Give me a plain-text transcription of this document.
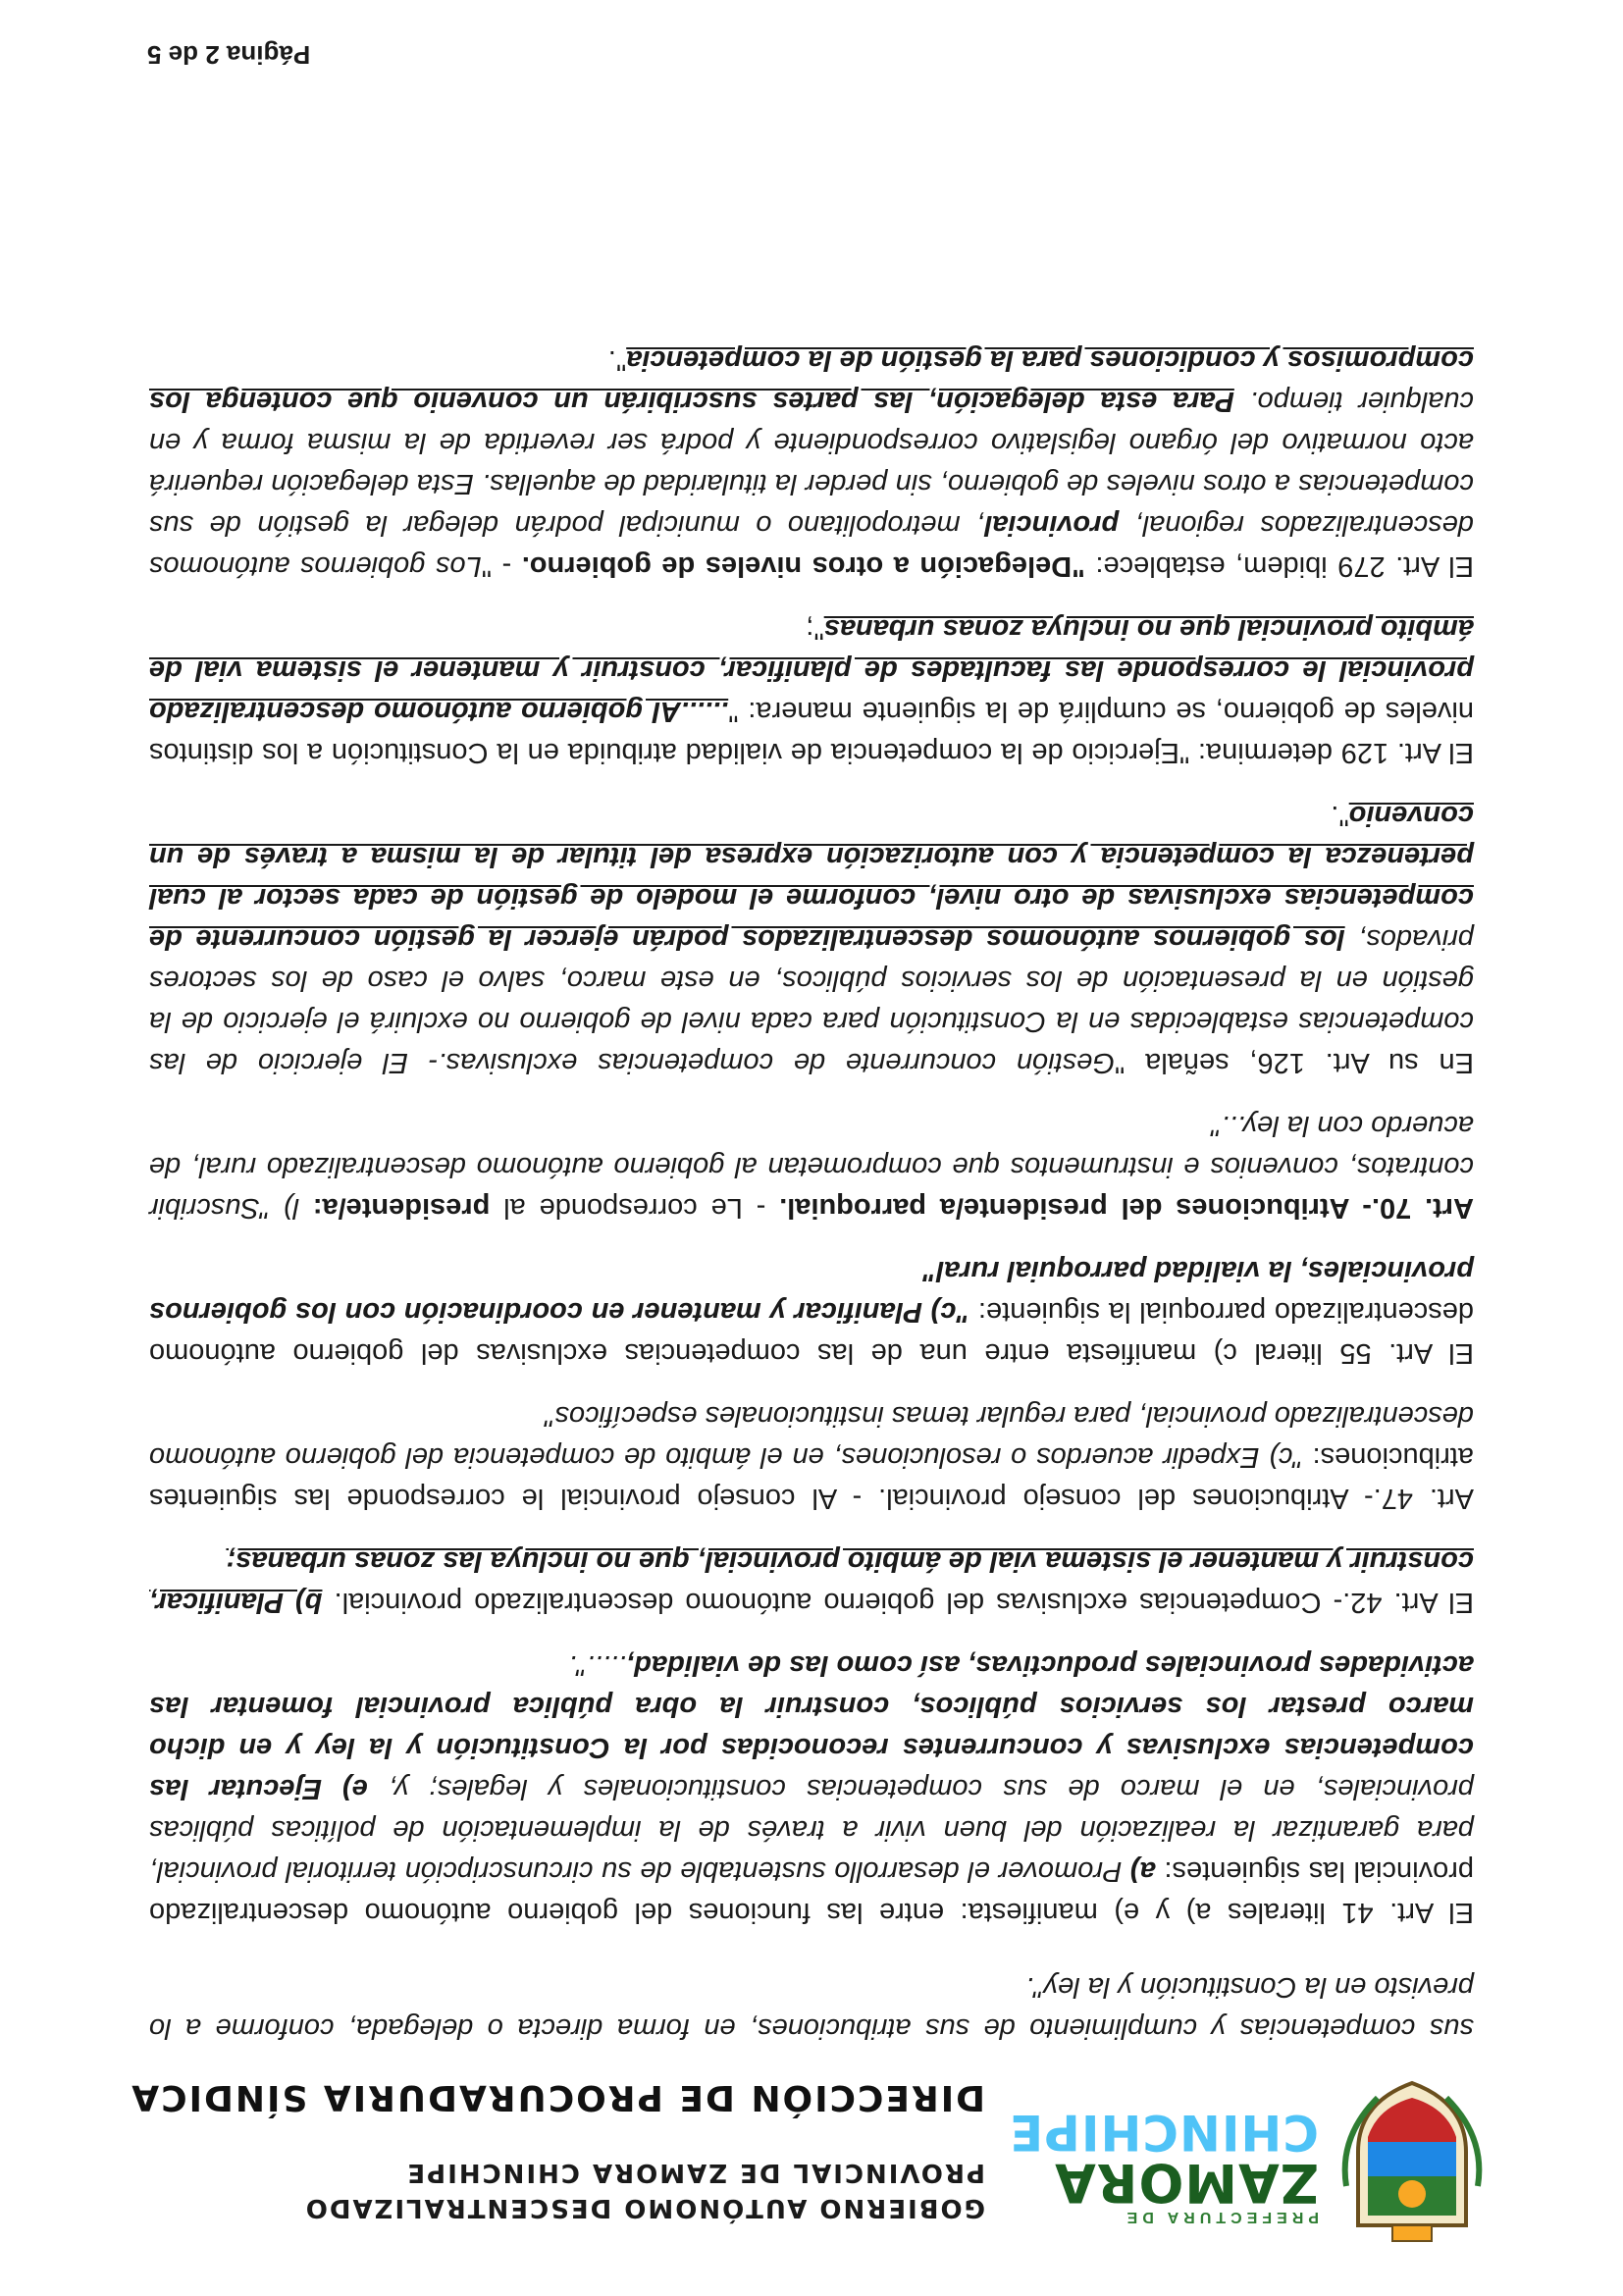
PREFECTURA DE
ZAMORA
CHINCHIPE
GOBIERNO AUTÓNOMO DESCENTRALIZADO
PROVINCIAL DE ZAMORA CHINCHIPE
DIRECCIÓN DE PROCURADURIA SÍNDICA

sus competencias y cumplimiento de sus atribuciones, en forma directa o delegada, conforme a lo previsto en la Constitución y la ley".

El Art. 41 literales a) y e) manifiesta: entre las funciones del gobierno autónomo descentralizado provincial las siguientes: a) Promover el desarrollo sustentable de su circunscripción territorial provincial, para garantizar la realización del buen vivir a través de la implementación de políticas públicas provinciales, en el marco de sus competencias constitucionales y legales; y, e) Ejecutar las competencias exclusivas y concurrentes reconocidas por la Constitución y la ley y en dicho marco prestar los servicios públicos, construir la obra pública provincial fomentar las actividades provinciales productivas, así como las de vialidad,.....".

El Art. 42.- Competencias exclusivas del gobierno autónomo descentralizado provincial. b) Planificar, construir y mantener el sistema vial de ámbito provincial, que no incluya las zonas urbanas;

Art. 47.- Atribuciones del consejo provincial. - Al consejo provincial le corresponde las siguientes atribuciones: "c) Expedir acuerdos o resoluciones, en el ámbito de competencia del gobierno autónomo descentralizado provincial, para regular temas institucionales específicos"

El Art. 55 literal c) manifiesta entre una de las competencias exclusivas del gobierno autónomo descentralizado parroquial la siguiente: "c) Planificar y mantener en coordinación con los gobiernos provinciales, la vialidad parroquial rural"

Art. 70.- Atribuciones del presidente/a parroquial. - Le corresponde al presidente/a: l) "Suscribir contratos, convenios e instrumentos que comprometan al gobierno autónomo descentralizado rural, de acuerdo con la ley..."

En su Art. 126, señala "Gestión concurrente de competencias exclusivas.- El ejercicio de las competencias establecidas en la Constitución para cada nivel de gobierno no excluirá el ejercicio de la gestión en la presentación de los servicios públicos, en este marco, salvo el caso de los sectores privados, los gobiernos autónomos descentralizados podrán ejercer la gestión concurrente de competencias exclusivas de otro nivel, conforme el modelo de gestión de cada sector al cual pertenezca la competencia y con autorización expresa del titular de la misma a través de un convenio".

El Art. 129 determina: "Ejercicio de la competencia de vialidad atribuida en la Constitución a los distintos niveles de gobierno, se cumplirá de la siguiente manera: "......Al gobierno autónomo descentralizado provincial le corresponde las facultades de planificar, construir y mantener el sistema vial de ámbito provincial que no incluya zonas urbanas";

El Art. 279 ibidem, establece: "Delegación a otros niveles de gobierno. - "Los gobiernos autónomos descentralizados regional, provincial, metropolitano o municipal podrán delegar la gestión de sus competencias a otros niveles de gobierno, sin perder la titularidad de aquellas. Esta delegación requerirá acto normativo del órgano legislativo correspondiente y podrá ser revertida de la misma forma y en cualquier tiempo. Para esta delegación, las partes suscribirán un convenio que contenga los compromisos y condiciones para la gestión de la competencia".

Página 2 de 5
